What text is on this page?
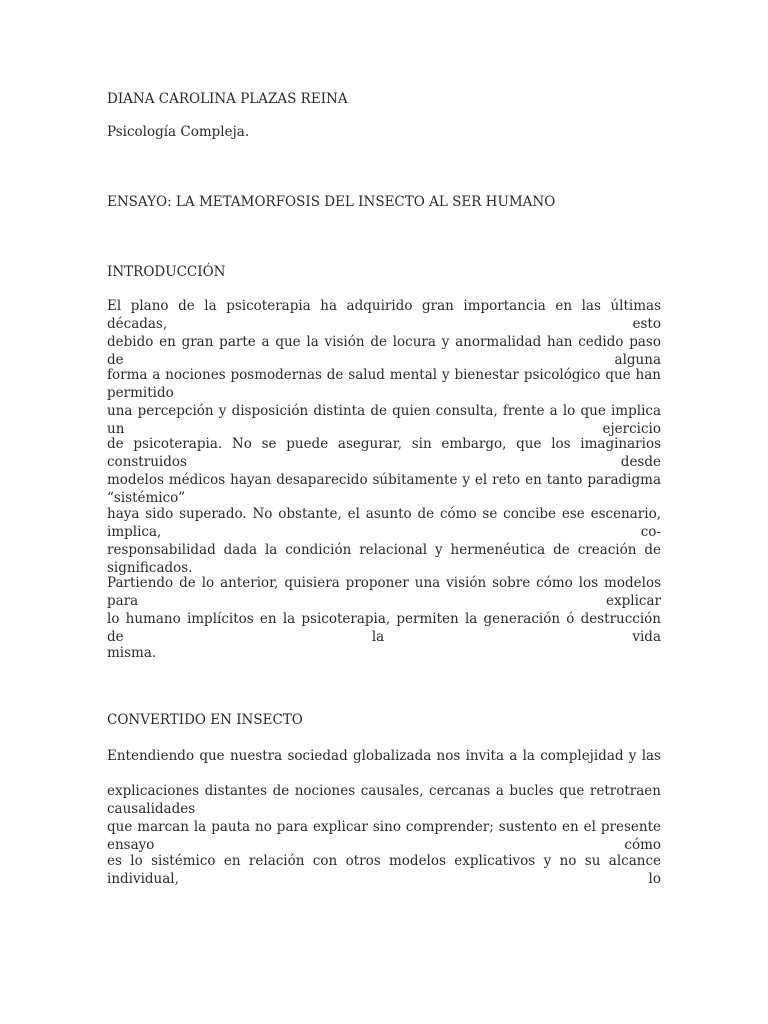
DIANA CAROLINA PLAZAS REINA
Psicología Compleja.
ENSAYO: LA METAMORFOSIS DEL INSECTO AL SER HUMANO
INTRODUCCIÓN
El plano de la psicoterapia ha adquirido gran importancia en las últimas décadas, esto
debido en gran parte a que la visión de locura y anormalidad han cedido paso de alguna
forma a nociones posmodernas de salud mental y bienestar psicológico que han permitido
una percepción y disposición distinta de quien consulta, frente a lo que implica un ejercicio
de psicoterapia. No se puede asegurar, sin embargo, que los imaginarios construidos desde
modelos médicos hayan desaparecido súbitamente y el reto en tanto paradigma “sistémico”
haya sido superado. No obstante, el asunto de cómo se concibe ese escenario, implica, co-
responsabilidad dada la condición relacional y hermenéutica de creación de significados.
Partiendo de lo anterior, quisiera proponer una visión sobre cómo los modelos para explicar
lo humano implícitos en la psicoterapia, permiten la generación ó destrucción de la vida
misma.
CONVERTIDO EN INSECTO
Entendiendo que nuestra sociedad globalizada nos invita a la complejidad y las
explicaciones distantes de nociones causales, cercanas a bucles que retrotraen causalidades
que marcan la pauta no para explicar sino comprender; sustento en el presente ensayo cómo
es lo sistémico en relación con otros modelos explicativos y no su alcance individual, lo
